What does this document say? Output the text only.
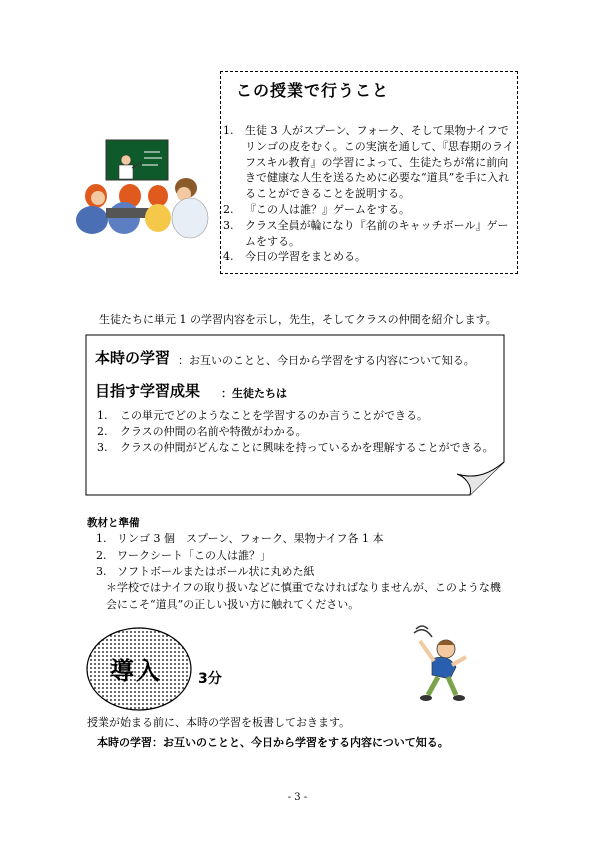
この授業で行うこと
1. 生徒 3 人がスプーン、フォーク、そして果物ナイフでリンゴの皮をむく。この実演を通して、『思春期のライフスキル教育』の学習によって、生徒たちが常に前向きで健康な人生を送るために必要な“道具”を手に入れることができることを説明する。
2. 『この人は誰？』ゲームをする。
3. クラス全員が輪になり『名前のキャッチボール』ゲームをする。
4. 今日の学習をまとめる。
生徒たちに単元 1 の学習内容を示し，先生，そしてクラスの仲間を紹介します。
本時の学習 ：お互いのことと、今日から学習をする内容について知る。
目指す学習成果 ：生徒たちは
1. この単元でどのようなことを学習するのか言うことができる。
2. クラスの仲間の名前や特徴がわかる。
3. クラスの仲間がどんなことに興味を持っているかを理解することができる。
教材と準備
1. リンゴ 3 個　スプーン、フォーク、果物ナイフ各 1 本
2. ワークシート「この人は誰？」
3. ソフトボールまたはボール状に丸めた紙
＊学校ではナイフの取り扱いなどに慎重でなければなりませんが、このような機会にこそ“道具”の正しい扱い方に触れてください。
導入	3分
授業が始まる前に、本時の学習を板書しておきます。
本時の学習：お互いのことと、今日から学習をする内容について知る。
- 3 -
